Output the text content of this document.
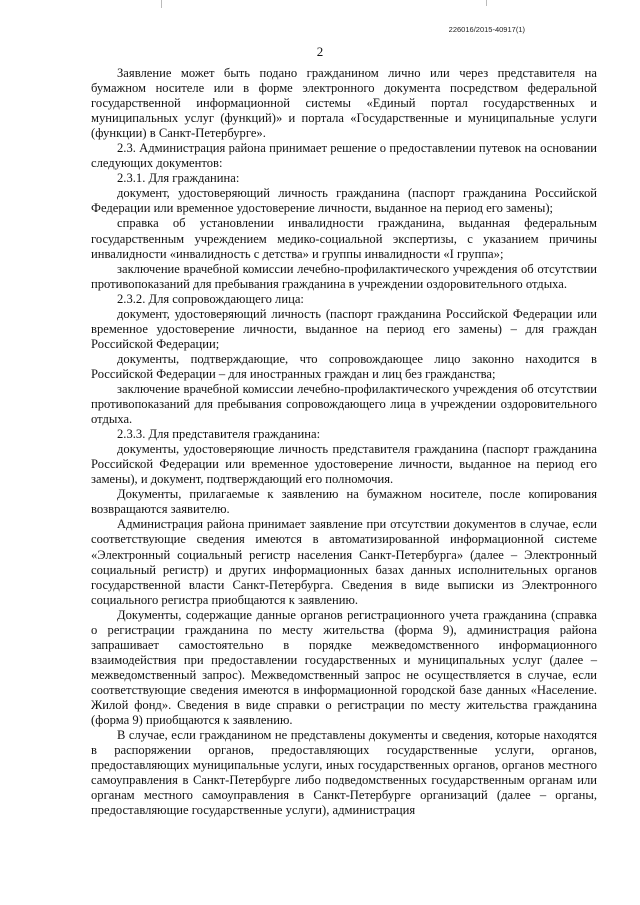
226016/2015-40917(1)
2

Заявление может быть подано гражданином лично или через представителя на бумажном носителе или в форме электронного документа посредством федеральной государственной информационной системы «Единый портал государственных и муниципальных услуг (функций)» и портала «Государственные и муниципальные услуги (функции) в Санкт-Петербурге».

2.3. Администрация района принимает решение о предоставлении путевок на основании следующих документов:

2.3.1. Для гражданина:

документ, удостоверяющий личность гражданина (паспорт гражданина Российской Федерации или временное удостоверение личности, выданное на период его замены);

справка об установлении инвалидности гражданина, выданная федеральным государственным учреждением медико-социальной экспертизы, с указанием причины инвалидности «инвалидность с детства» и группы инвалидности «I группа»;

заключение врачебной комиссии лечебно-профилактического учреждения об отсутствии противопоказаний для пребывания гражданина в учреждении оздоровительного отдыха.

2.3.2. Для сопровождающего лица:

документ, удостоверяющий личность (паспорт гражданина Российской Федерации или временное удостоверение личности, выданное на период его замены) – для граждан Российской Федерации;

документы, подтверждающие, что сопровождающее лицо законно находится в Российской Федерации – для иностранных граждан и лиц без гражданства;

заключение врачебной комиссии лечебно-профилактического учреждения об отсутствии противопоказаний для пребывания сопровождающего лица в учреждении оздоровительного отдыха.

2.3.3. Для представителя гражданина:

документы, удостоверяющие личность представителя гражданина (паспорт гражданина Российской Федерации или временное удостоверение личности, выданное на период его замены), и документ, подтверждающий его полномочия.

Документы, прилагаемые к заявлению на бумажном носителе, после копирования возвращаются заявителю.

Администрация района принимает заявление при отсутствии документов в случае, если соответствующие сведения имеются в автоматизированной информационной системе «Электронный социальный регистр населения Санкт-Петербурга» (далее – Электронный социальный регистр) и других информационных базах данных исполнительных органов государственной власти Санкт-Петербурга. Сведения в виде выписки из Электронного социального регистра приобщаются к заявлению.

Документы, содержащие данные органов регистрационного учета гражданина (справка о регистрации гражданина по месту жительства (форма 9), администрация района запрашивает самостоятельно в порядке межведомственного информационного взаимодействия при предоставлении государственных и муниципальных услуг (далее – межведомственный запрос). Межведомственный запрос не осуществляется в случае, если соответствующие сведения имеются в информационной городской базе данных «Население. Жилой фонд». Сведения в виде справки о регистрации по месту жительства гражданина (форма 9) приобщаются к заявлению.

В случае, если гражданином не представлены документы и сведения, которые находятся в распоряжении органов, предоставляющих государственные услуги, органов, предоставляющих муниципальные услуги, иных государственных органов, органов местного самоуправления в Санкт-Петербурге либо подведомственных государственным органам или органам местного самоуправления в Санкт-Петербурге организаций (далее – органы, предоставляющие государственные услуги), администрация
